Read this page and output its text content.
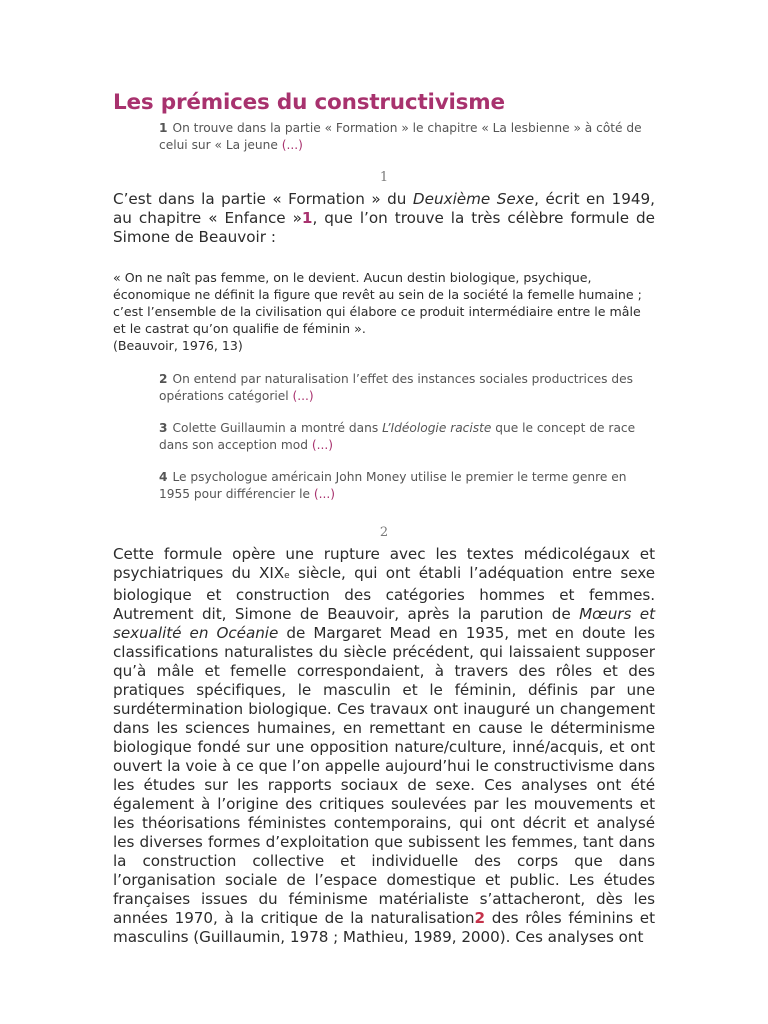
Les prémices du constructivisme
1 On trouve dans la partie « Formation » le chapitre « La lesbienne » à côté de celui sur « La jeune (...)
1

C’est dans la partie « Formation » du Deuxième Sexe, écrit en 1949, au chapitre « Enfance »1, que l’on trouve la très célèbre formule de Simone de Beauvoir :

« On ne naît pas femme, on le devient. Aucun destin biologique, psychique, économique ne définit la figure que revêt au sein de la société la femelle humaine ; c’est l’ensemble de la civilisation qui élabore ce produit intermédiaire entre le mâle et le castrat qu’on qualifie de féminin ».
(Beauvoir, 1976, 13)
2 On entend par naturalisation l’effet des instances sociales productrices des opérations catégoriel (...)
3 Colette Guillaumin a montré dans L’Idéologie raciste que le concept de race dans son acception mod (...)
4 Le psychologue américain John Money utilise le premier le terme genre en 1955 pour différencier le (...)
2

Cette formule opère une rupture avec les textes médicolégaux et psychiatriques du XIXe siècle, qui ont établi l’adéquation entre sexe biologique et construction des catégories hommes et femmes. Autrement dit, Simone de Beauvoir, après la parution de Mœurs et sexualité en Océanie de Margaret Mead en 1935, met en doute les classifications naturalistes du siècle précédent, qui laissaient supposer qu’à mâle et femelle correspondaient, à travers des rôles et des pratiques spécifiques, le masculin et le féminin, définis par une surdétermination biologique. Ces travaux ont inauguré un changement dans les sciences humaines, en remettant en cause le déterminisme biologique fondé sur une opposition nature/culture, inné/acquis, et ont ouvert la voie à ce que l’on appelle aujourd’hui le constructivisme dans les études sur les rapports sociaux de sexe. Ces analyses ont été également à l’origine des critiques soulevées par les mouvements et les théorisations féministes contemporains, qui ont décrit et analysé les diverses formes d’exploitation que subissent les femmes, tant dans la construction collective et individuelle des corps que dans l’organisation sociale de l’espace domestique et public. Les études françaises issues du féminisme matérialiste s’attacheront, dès les années 1970, à la critique de la naturalisation2 des rôles féminins et masculins (Guillaumin, 1978 ; Mathieu, 1989, 2000). Ces analyses ont
